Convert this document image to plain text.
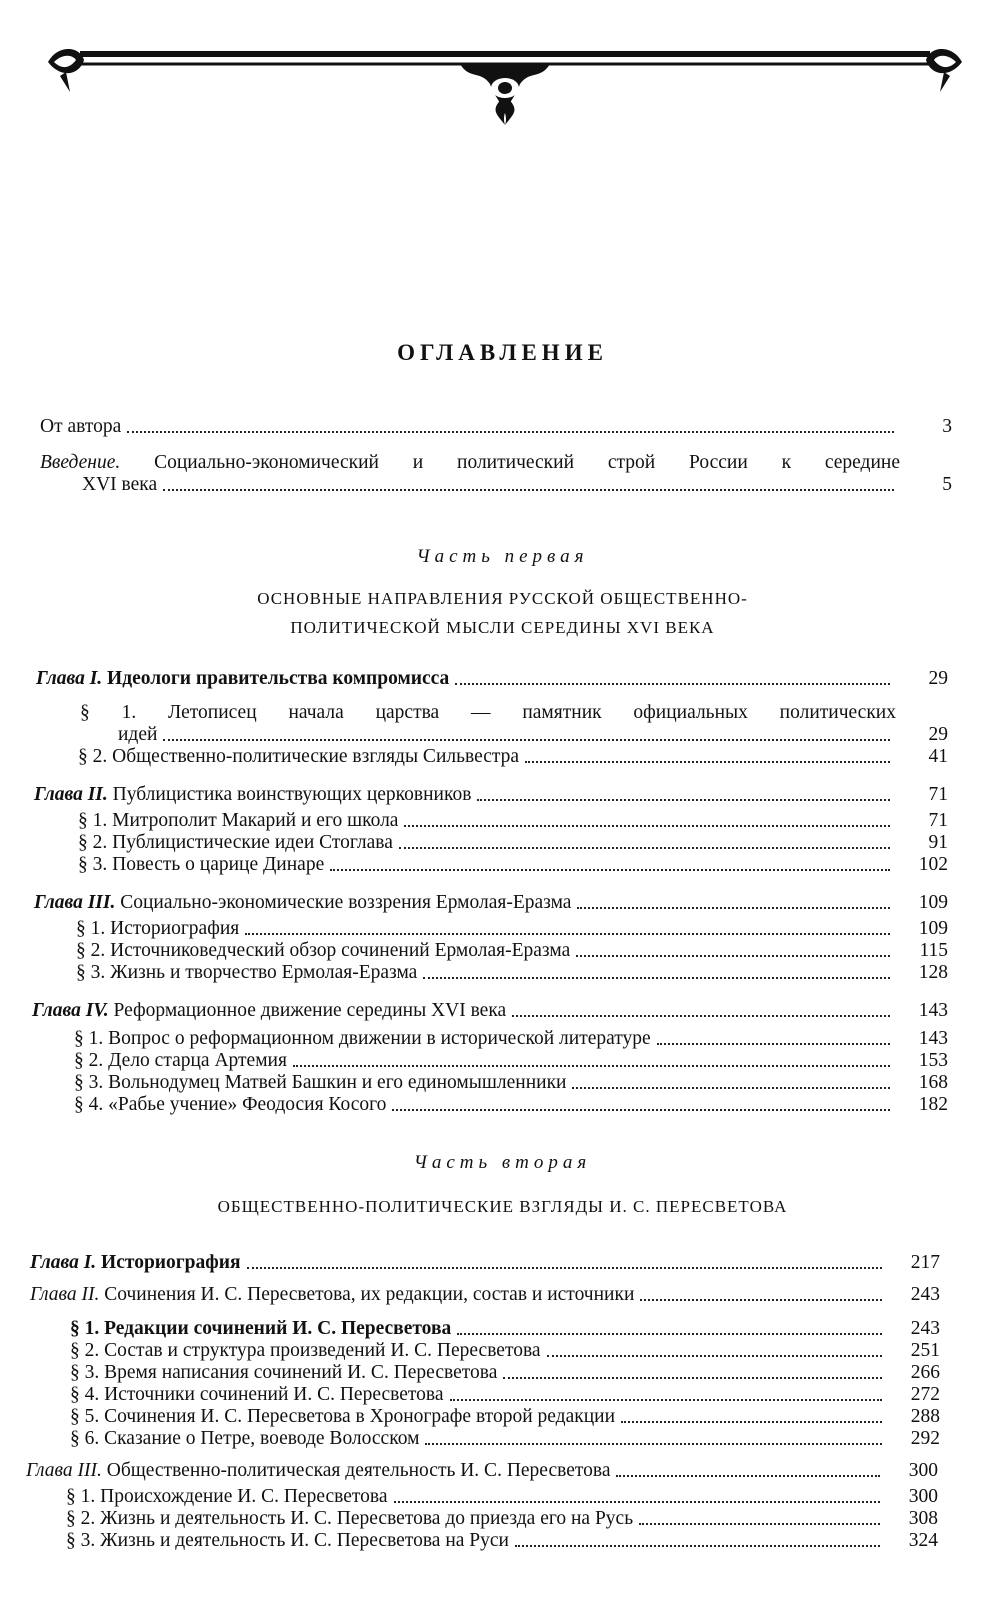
ОГЛАВЛЕНИЕ
От автора	3
Введение. Социально-экономический и политический строй России к середине
XVI века	5
Часть первая
ОСНОВНЫЕ НАПРАВЛЕНИЯ РУССКОЙ ОБЩЕСТВЕННО-
ПОЛИТИЧЕСКОЙ МЫСЛИ СЕРЕДИНЫ XVI ВЕКА
Глава I. Идеологи правительства компромисса	29
§ 1. Летописец начала царства — памятник официальных политических
идей	29
§ 2. Общественно-политические взгляды Сильвестра	41
Глава II. Публицистика воинствующих церковников	71
§ 1. Митрополит Макарий и его школа	71
§ 2. Публицистические идеи Стоглава	91
§ 3. Повесть о царице Динаре	102
Глава III. Социально-экономические воззрения Ермолая-Еразма	109
§ 1. Историография	109
§ 2. Источниковедческий обзор сочинений Ермолая-Еразма	115
§ 3. Жизнь и творчество Ермолая-Еразма	128
Глава IV. Реформационное движение середины XVI века	143
§ 1. Вопрос о реформационном движении в исторической литературе	143
§ 2. Дело старца Артемия	153
§ 3. Вольнодумец Матвей Башкин и его единомышленники	168
§ 4. «Рабье учение» Феодосия Косого	182
Часть вторая
ОБЩЕСТВЕННО-ПОЛИТИЧЕСКИЕ ВЗГЛЯДЫ И. С. ПЕРЕСВЕТОВА
Глава I. Историография	217
Глава II. Сочинения И. С. Пересветова, их редакции, состав и источники	243
§ 1. Редакции сочинений И. С. Пересветова	243
§ 2. Состав и структура произведений И. С. Пересветова	251
§ 3. Время написания сочинений И. С. Пересветова	266
§ 4. Источники сочинений И. С. Пересветова	272
§ 5. Сочинения И. С. Пересветова в Хронографе второй редакции	288
§ 6. Сказание о Петре, воеводе Волосском	292
Глава III. Общественно-политическая деятельность И. С. Пересветова	300
§ 1. Происхождение И. С. Пересветова	300
§ 2. Жизнь и деятельность И. С. Пересветова до приезда его на Русь	308
§ 3. Жизнь и деятельность И. С. Пересветова на Руси	324
